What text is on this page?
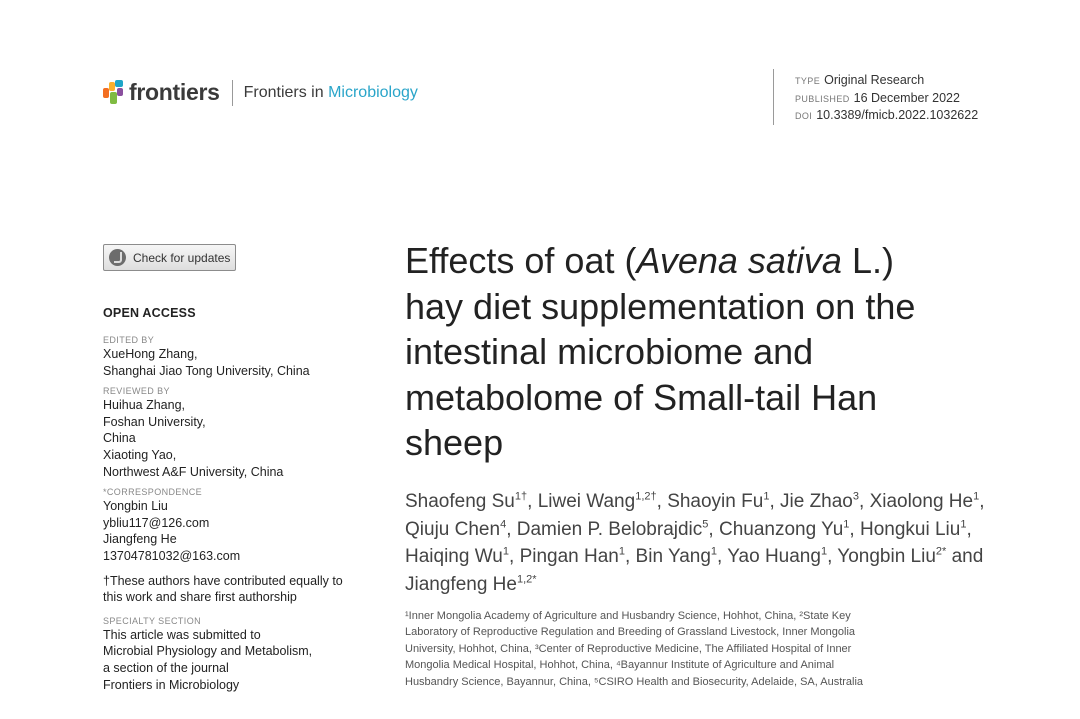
frontiers Frontiers in Microbiology
TYPE Original Research
PUBLISHED 16 December 2022
DOI 10.3389/fmicb.2022.1032622
Check for updates
OPEN ACCESS
EDITED BY
XueHong Zhang,
Shanghai Jiao Tong University, China
REVIEWED BY
Huihua Zhang,
Foshan University,
China
Xiaoting Yao,
Northwest A&F University, China
*CORRESPONDENCE
Yongbin Liu
ybliu117@126.com
Jiangfeng He
13704781032@163.com
†These authors have contributed equally to
this work and share first authorship
SPECIALTY SECTION
This article was submitted to
Microbial Physiology and Metabolism,
a section of the journal
Frontiers in Microbiology
Effects of oat (Avena sativa L.)
hay diet supplementation on the
intestinal microbiome and
metabolome of Small-tail Han
sheep
Shaofeng $Su^{1\dagger}$, Liwei Wang$^{1,2\dagger}$, Shaoyin Fu$^1$, Jie Zhao$^3$, Xiaolong He$^1$, Qiuju Chen$^4$, Damien P. Belobrajdic$^5$, Chuanzong Yu$^1$, Hongkui Liu$^1$, Haiqing Wu$^1$, Pingan Han$^1$, Bin Yang$^1$, Yao Huang$^1$, Yongbin Liu$^{2*}$ and Jiangfeng $He^{1,2*}$
¹Inner Mongolia Academy of Agriculture and Husbandry Science, Hohhot, China, ²State Key
Laboratory of Reproductive Regulation and Breeding of Grassland Livestock, Inner Mongolia
University, Hohhot, China, ³Center of Reproductive Medicine, The Affiliated Hospital of Inner
Mongolia Medical Hospital, Hohhot, China, ⁴Bayannur Institute of Agriculture and Animal
Husbandry Science, Bayannur, China, ⁵CSIRO Health and Biosecurity, Adelaide, SA, Australia
